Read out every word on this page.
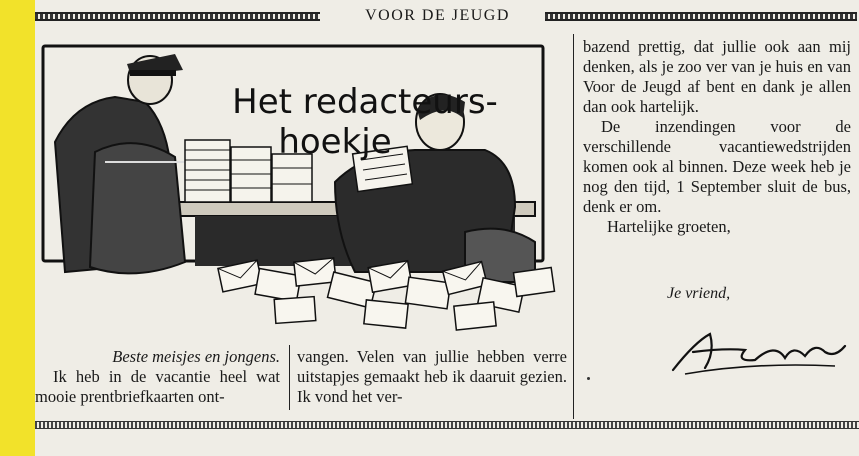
VOOR DE JEUGD
Het redacteurs-
hoekje
Beste meisjes en jongens.
Ik heb in de vacantie heel wat mooie prentbriefkaarten ont-
vangen. Velen van jullie hebben verre uitstapjes gemaakt heb ik daaruit gezien. Ik vond het ver-
bazend prettig, dat jullie ook aan mij denken, als je zoo ver van je huis en van Voor de Jeugd af bent en dank je allen dan ook hartelijk.
De inzendingen voor de verschillende vacantiewedstrijden komen ook al binnen. Deze week heb je nog den tijd, 1 September sluit de bus, denk er om.
Hartelijke groeten,
Je vriend,
